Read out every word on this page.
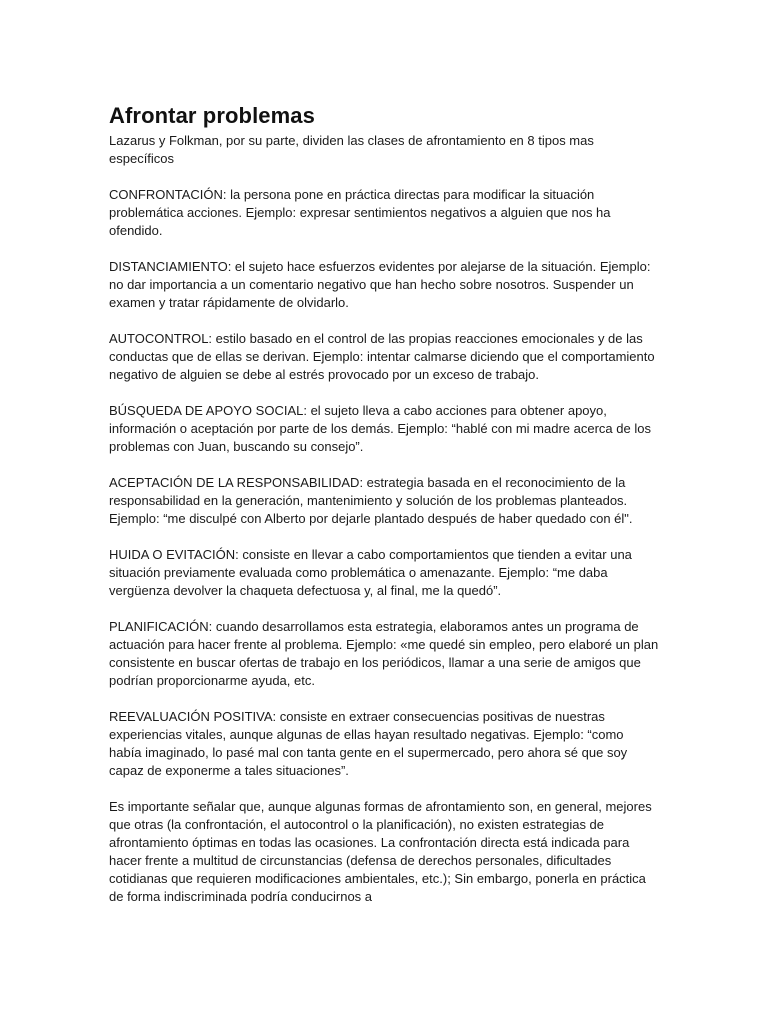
Afrontar problemas

Lazarus y Folkman, por su parte, dividen las clases de afrontamiento en 8 tipos mas específicos

CONFRONTACIÓN: la persona pone en práctica directas para modificar la situación problemática acciones. Ejemplo: expresar sentimientos negativos a alguien que nos ha ofendido.

DISTANCIAMIENTO: el sujeto hace esfuerzos evidentes por alejarse de la situación. Ejemplo: no dar importancia a un comentario negativo que han hecho sobre nosotros. Suspender un examen y tratar rápidamente de olvidarlo.

AUTOCONTROL: estilo basado en el control de las propias reacciones emocionales y de las conductas que de ellas se derivan. Ejemplo: intentar calmarse diciendo que el comportamiento negativo de alguien se debe al estrés provocado por un exceso de trabajo.

BÚSQUEDA DE APOYO SOCIAL: el sujeto lleva a cabo acciones para obtener apoyo, información o aceptación por parte de los demás. Ejemplo: “hablé con mi madre acerca de los problemas con Juan, buscando su consejo”.

ACEPTACIÓN DE LA RESPONSABILIDAD: estrategia basada en el reconocimiento de la responsabilidad en la generación, mantenimiento y solución de los problemas planteados. Ejemplo: “me disculpé con Alberto por dejarle plantado después de haber quedado con él".

HUIDA O EVITACIÓN: consiste en llevar a cabo comportamientos que tienden a evitar una situación previamente evaluada como problemática o amenazante. Ejemplo: “me daba vergüenza devolver la chaqueta defectuosa y, al final, me la quedó”.

PLANIFICACIÓN: cuando desarrollamos esta estrategia, elaboramos antes un programa de actuación para hacer frente al problema. Ejemplo: «me quedé sin empleo, pero elaboré un plan consistente en buscar ofertas de trabajo en los periódicos, llamar a una serie de amigos que podrían proporcionarme ayuda, etc.

REEVALUACIÓN POSITIVA: consiste en extraer consecuencias positivas de nuestras experiencias vitales, aunque algunas de ellas hayan resultado negativas. Ejemplo: “como había imaginado, lo pasé mal con tanta gente en el supermercado, pero ahora sé que soy capaz de exponerme a tales situaciones”.

Es importante señalar que, aunque algunas formas de afrontamiento son, en general, mejores que otras (la confrontación, el autocontrol o la planificación), no existen estrategias de afrontamiento óptimas en todas las ocasiones. La confrontación directa está indicada para hacer frente a multitud de circunstancias (defensa de derechos personales, dificultades cotidianas que requieren modificaciones ambientales, etc.); Sin embargo, ponerla en práctica de forma indiscriminada podría conducirnos a
